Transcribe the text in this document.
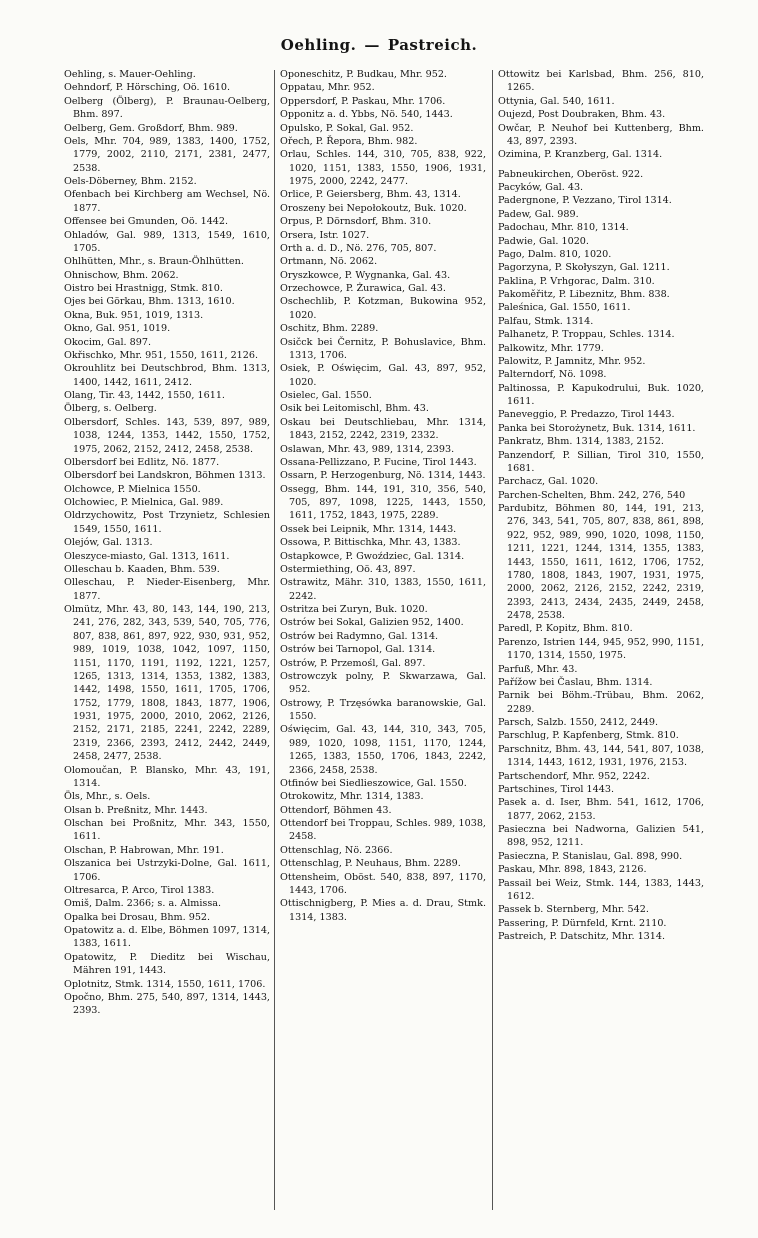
Oehling. — Pastreich.

Oehling, s. Mauer-Oehling.

Oehndorf, P. Hörsching, Oö. 1610.

Oelberg (Ölberg), P. Braunau-Oelberg, Bhm. 897.

Oelberg, Gem. Großdorf, Bhm. 989.

Oels, Mhr. 704, 989, 1383, 1400, 1752, 1779, 2002, 2110, 2171, 2381, 2477, 2538.

Oels-Döberney, Bhm. 2152.

Ofenbach bei Kirchberg am Wechsel, Nö. 1877.

Offensee bei Gmunden, Oö. 1442.

Ohladów, Gal. 989, 1313, 1549, 1610, 1705.

Ohlhütten, Mhr., s. Braun-Öhlhütten.

Ohnischow, Bhm. 2062.

Oistro bei Hrastnigg, Stmk. 810.

Ojes bei Görkau, Bhm. 1313, 1610.

Okna, Buk. 951, 1019, 1313.

Okno, Gal. 951, 1019.

Okocim, Gal. 897.

Okřischko, Mhr. 951, 1550, 1611, 2126.

Okrouhlitz bei Deutschbrod, Bhm. 1313, 1400, 1442, 1611, 2412.

Olang, Tir. 43, 1442, 1550, 1611.

Ölberg, s. Oelberg.

Olbersdorf, Schles. 143, 539, 897, 989, 1038, 1244, 1353, 1442, 1550, 1752, 1975, 2062, 2152, 2412, 2458, 2538.

Olbersdorf bei Edlitz, Nö. 1877.

Olbersdorf bei Landskron, Böhmen 1313.

Olchowce, P. Mielnica 1550.

Olchowiec, P. Mielnica, Gal. 989.

Oldrzychowitz, Post Trzynietz, Schlesien 1549, 1550, 1611.

Olejów, Gal. 1313.

Oleszyce-miasto, Gal. 1313, 1611.

Olleschau b. Kaaden, Bhm. 539.

Olleschau, P. Nieder-Eisenberg, Mhr. 1877.

Olmütz, Mhr. 43, 80, 143, 144, 190, 213, 241, 276, 282, 343, 539, 540, 705, 776, 807, 838, 861, 897, 922, 930, 931, 952, 989, 1019, 1038, 1042, 1097, 1150, 1151, 1170, 1191, 1192, 1221, 1257, 1265, 1313, 1314, 1353, 1382, 1383, 1442, 1498, 1550, 1611, 1705, 1706, 1752, 1779, 1808, 1843, 1877, 1906, 1931, 1975, 2000, 2010, 2062, 2126, 2152, 2171, 2185, 2241, 2242, 2289, 2319, 2366, 2393, 2412, 2442, 2449, 2458, 2477, 2538.

Olomoučan, P. Blansko, Mhr. 43, 191, 1314.

Öls, Mhr., s. Oels.

Olsan b. Preßnitz, Mhr. 1443.

Olschan bei Proßnitz, Mhr. 343, 1550, 1611.

Olschan, P. Habrowan, Mhr. 191.

Olszanica bei Ustrzyki-Dolne, Gal. 1611, 1706.

Oltresarca, P. Arco, Tirol 1383.

Omiš, Dalm. 2366; s. a. Almissa.

Opalka bei Drosau, Bhm. 952.

Opatowitz a. d. Elbe, Böhmen 1097, 1314, 1383, 1611.

Opatowitz, P. Dieditz bei Wischau, Mähren 191, 1443.

Oplotnitz, Stmk. 1314, 1550, 1611, 1706.

Opočno, Bhm. 275, 540, 897, 1314, 1443, 2393.

Oponeschitz, P. Budkau, Mhr. 952.

Oppatau, Mhr. 952.

Oppersdorf, P. Paskau, Mhr. 1706.

Opponitz a. d. Ybbs, Nö. 540, 1443.

Opulsko, P. Sokal, Gal. 952.

Ořech, P. Řepora, Bhm. 982.

Orlau, Schles. 144, 310, 705, 838, 922, 1020, 1151, 1383, 1550, 1906, 1931, 1975, 2000, 2242, 2477.

Orlice, P. Geiersberg, Bhm. 43, 1314.

Oroszeny bei Nepołokoutz, Buk. 1020.

Orpus, P. Dörnsdorf, Bhm. 310.

Orsera, Istr. 1027.

Orth a. d. D., Nö. 276, 705, 807.

Ortmann, Nö. 2062.

Oryszkowce, P. Wygnanka, Gal. 43.

Orzechowce, P. Żurawica, Gal. 43.

Oschechlib, P. Kotzman, Bukowina 952, 1020.

Oschitz, Bhm. 2289.

Osičck bei Černitz, P. Bohuslavice, Bhm. 1313, 1706.

Osiek, P. Oświęcim, Gal. 43, 897, 952, 1020.

Osielec, Gal. 1550.

Osik bei Leitomischl, Bhm. 43.

Oskau bei Deutschliebau, Mhr. 1314, 1843, 2152, 2242, 2319, 2332.

Oslawan, Mhr. 43, 989, 1314, 2393.

Ossana-Pellizzano, P. Fucine, Tirol 1443.

Ossarn, P. Herzogenburg, Nö. 1314, 1443.

Ossegg, Bhm. 144, 191, 310, 356, 540, 705, 897, 1098, 1225, 1443, 1550, 1611, 1752, 1843, 1975, 2289.

Ossek bei Leipnik, Mhr. 1314, 1443.

Ossowa, P. Bittischka, Mhr. 43, 1383.

Ostapkowce, P. Gwoździec, Gal. 1314.

Ostermiething, Oö. 43, 897.

Ostrawitz, Mähr. 310, 1383, 1550, 1611, 2242.

Ostritza bei Zuryn, Buk. 1020.

Ostrów bei Sokal, Galizien 952, 1400.

Ostrów bei Radymno, Gal. 1314.

Ostrów bei Tarnopol, Gal. 1314.

Ostrów, P. Przemośl, Gal. 897.

Ostrowczyk polny, P. Skwarzawa, Gal. 952.

Ostrowy, P. Trzęsówka baranowskie, Gal. 1550.

Oświęcim, Gal. 43, 144, 310, 343, 705, 989, 1020, 1098, 1151, 1170, 1244, 1265, 1383, 1550, 1706, 1843, 2242, 2366, 2458, 2538.

Otfinów bei Siedlieszowice, Gal. 1550.

Otrokowitz, Mhr. 1314, 1383.

Ottendorf, Böhmen 43.

Ottendorf bei Troppau, Schles. 989, 1038, 2458.

Ottenschlag, Nö. 2366.

Ottenschlag, P. Neuhaus, Bhm. 2289.

Ottensheim, Oböst. 540, 838, 897, 1170, 1443, 1706.

Ottischnigberg, P. Mies a. d. Drau, Stmk. 1314, 1383.

Ottowitz bei Karlsbad, Bhm. 256, 810, 1265.

Ottynia, Gal. 540, 1611.

Oujezd, Post Doubraken, Bhm. 43.

Owčar, P. Neuhof bei Kuttenberg, Bhm. 43, 897, 2393.

Ozimina, P. Kranzberg, Gal. 1314.

Pabneukirchen, Oberöst. 922.

Pacyków, Gal. 43.

Padergnone, P. Vezzano, Tirol 1314.

Padew, Gal. 989.

Padochau, Mhr. 810, 1314.

Padwie, Gal. 1020.

Pago, Dalm. 810, 1020.

Pagorzyna, P. Skołyszyn, Gal. 1211.

Paklina, P. Vrhgorac, Dalm. 310.

Pakoměřitz, P. Libeznitz, Bhm. 838.

Paleśnica, Gal. 1550, 1611.

Palfau, Stmk. 1314.

Palhanetz, P. Troppau, Schles. 1314.

Palkowitz, Mhr. 1779.

Palowitz, P. Jamnitz, Mhr. 952.

Palterndorf, Nö. 1098.

Paltinossa, P. Kapukodrului, Buk. 1020, 1611.

Paneveggio, P. Predazzo, Tirol 1443.

Panka bei Storożynetz, Buk. 1314, 1611.

Pankratz, Bhm. 1314, 1383, 2152.

Panzendorf, P. Sillian, Tirol 310, 1550, 1681.

Parchacz, Gal. 1020.

Parchen-Schelten, Bhm. 242, 276, 540

Pardubitz, Böhmen 80, 144, 191, 213, 276, 343, 541, 705, 807, 838, 861, 898, 922, 952, 989, 990, 1020, 1098, 1150, 1211, 1221, 1244, 1314, 1355, 1383, 1443, 1550, 1611, 1612, 1706, 1752, 1780, 1808, 1843, 1907, 1931, 1975, 2000, 2062, 2126, 2152, 2242, 2319, 2393, 2413, 2434, 2435, 2449, 2458, 2478, 2538.

Paredl, P. Kopitz, Bhm. 810.

Parenzo, Istrien 144, 945, 952, 990, 1151, 1170, 1314, 1550, 1975.

Parfuß, Mhr. 43.

Pařížow bei Časlau, Bhm. 1314.

Parnik bei Böhm.-Trübau, Bhm. 2062, 2289.

Parsch, Salzb. 1550, 2412, 2449.

Parschlug, P. Kapfenberg, Stmk. 810.

Parschnitz, Bhm. 43, 144, 541, 807, 1038, 1314, 1443, 1612, 1931, 1976, 2153.

Partschendorf, Mhr. 952, 2242.

Partschines, Tirol 1443.

Pasek a. d. Iser, Bhm. 541, 1612, 1706, 1877, 2062, 2153.

Pasieczna bei Nadworna, Galizien 541, 898, 952, 1211.

Pasieczna, P. Stanislau, Gal. 898, 990.

Paskau, Mhr. 898, 1843, 2126.

Passail bei Weiz, Stmk. 144, 1383, 1443, 1612.

Passek b. Sternberg, Mhr. 542.

Passering, P. Dürnfeld, Krnt. 2110.

Pastreich, P. Datschitz, Mhr. 1314.
